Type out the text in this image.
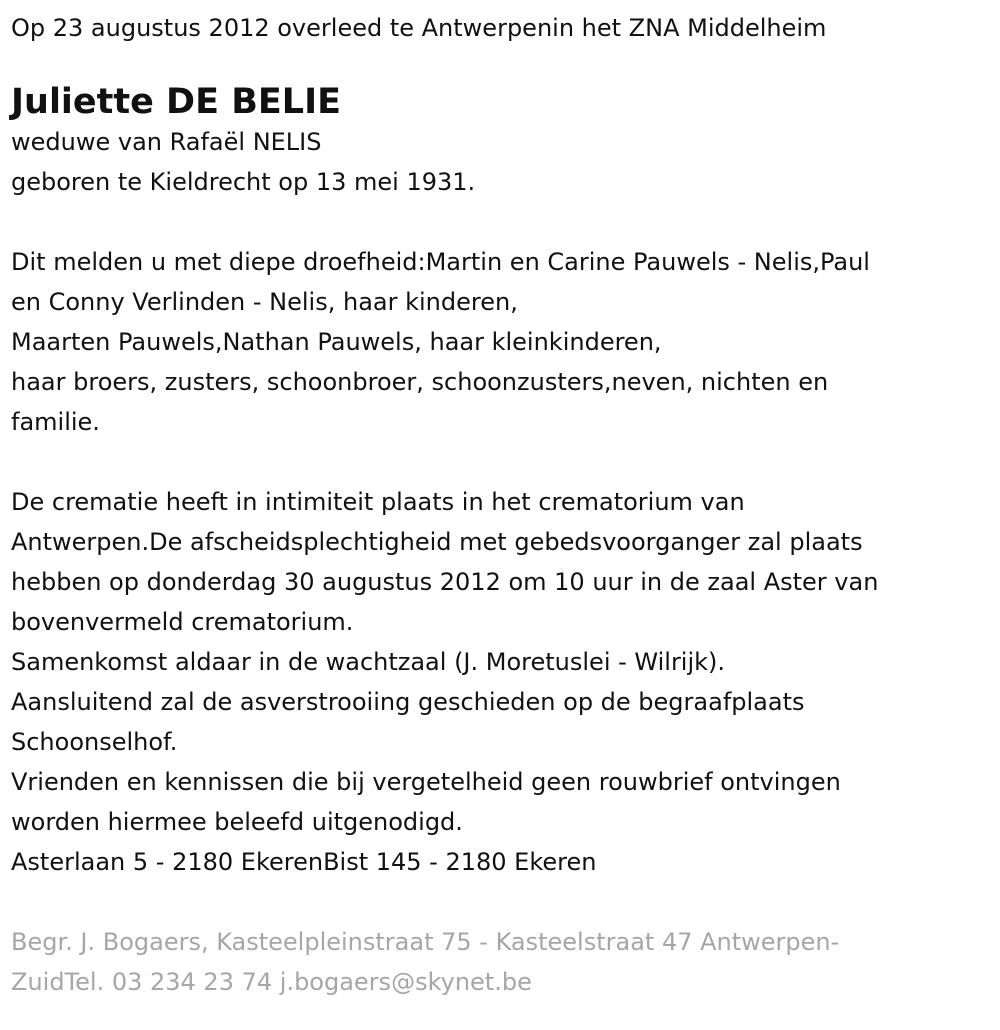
Op 23 augustus 2012 overleed te Antwerpenin het ZNA Middelheim

Juliette DE BELIE

weduwe van Rafaël NELIS

geboren te Kieldrecht op 13 mei 1931.

Dit melden u met diepe droefheid:Martin en Carine Pauwels - Nelis,Paul

en Conny Verlinden - Nelis, haar kinderen,

Maarten Pauwels,Nathan Pauwels, haar kleinkinderen,

haar broers, zusters, schoonbroer, schoonzusters,neven, nichten en

familie.

De crematie heeft in intimiteit plaats in het crematorium van

Antwerpen.De afscheidsplechtigheid met gebedsvoorganger zal plaats

hebben op donderdag 30 augustus 2012 om 10 uur in de zaal Aster van

bovenvermeld crematorium.

Samenkomst aldaar in de wachtzaal (J. Moretuslei - Wilrijk).

Aansluitend zal de asverstrooiing geschieden op de begraafplaats

Schoonselhof.

Vrienden en kennissen die bij vergetelheid geen rouwbrief ontvingen

worden hiermee beleefd uitgenodigd.

Asterlaan 5 - 2180 EkerenBist 145 - 2180 Ekeren

Begr. J. Bogaers, Kasteelpleinstraat 75 - Kasteelstraat 47 Antwerpen-

ZuidTel. 03 234 23 74 j.bogaers@skynet.be
